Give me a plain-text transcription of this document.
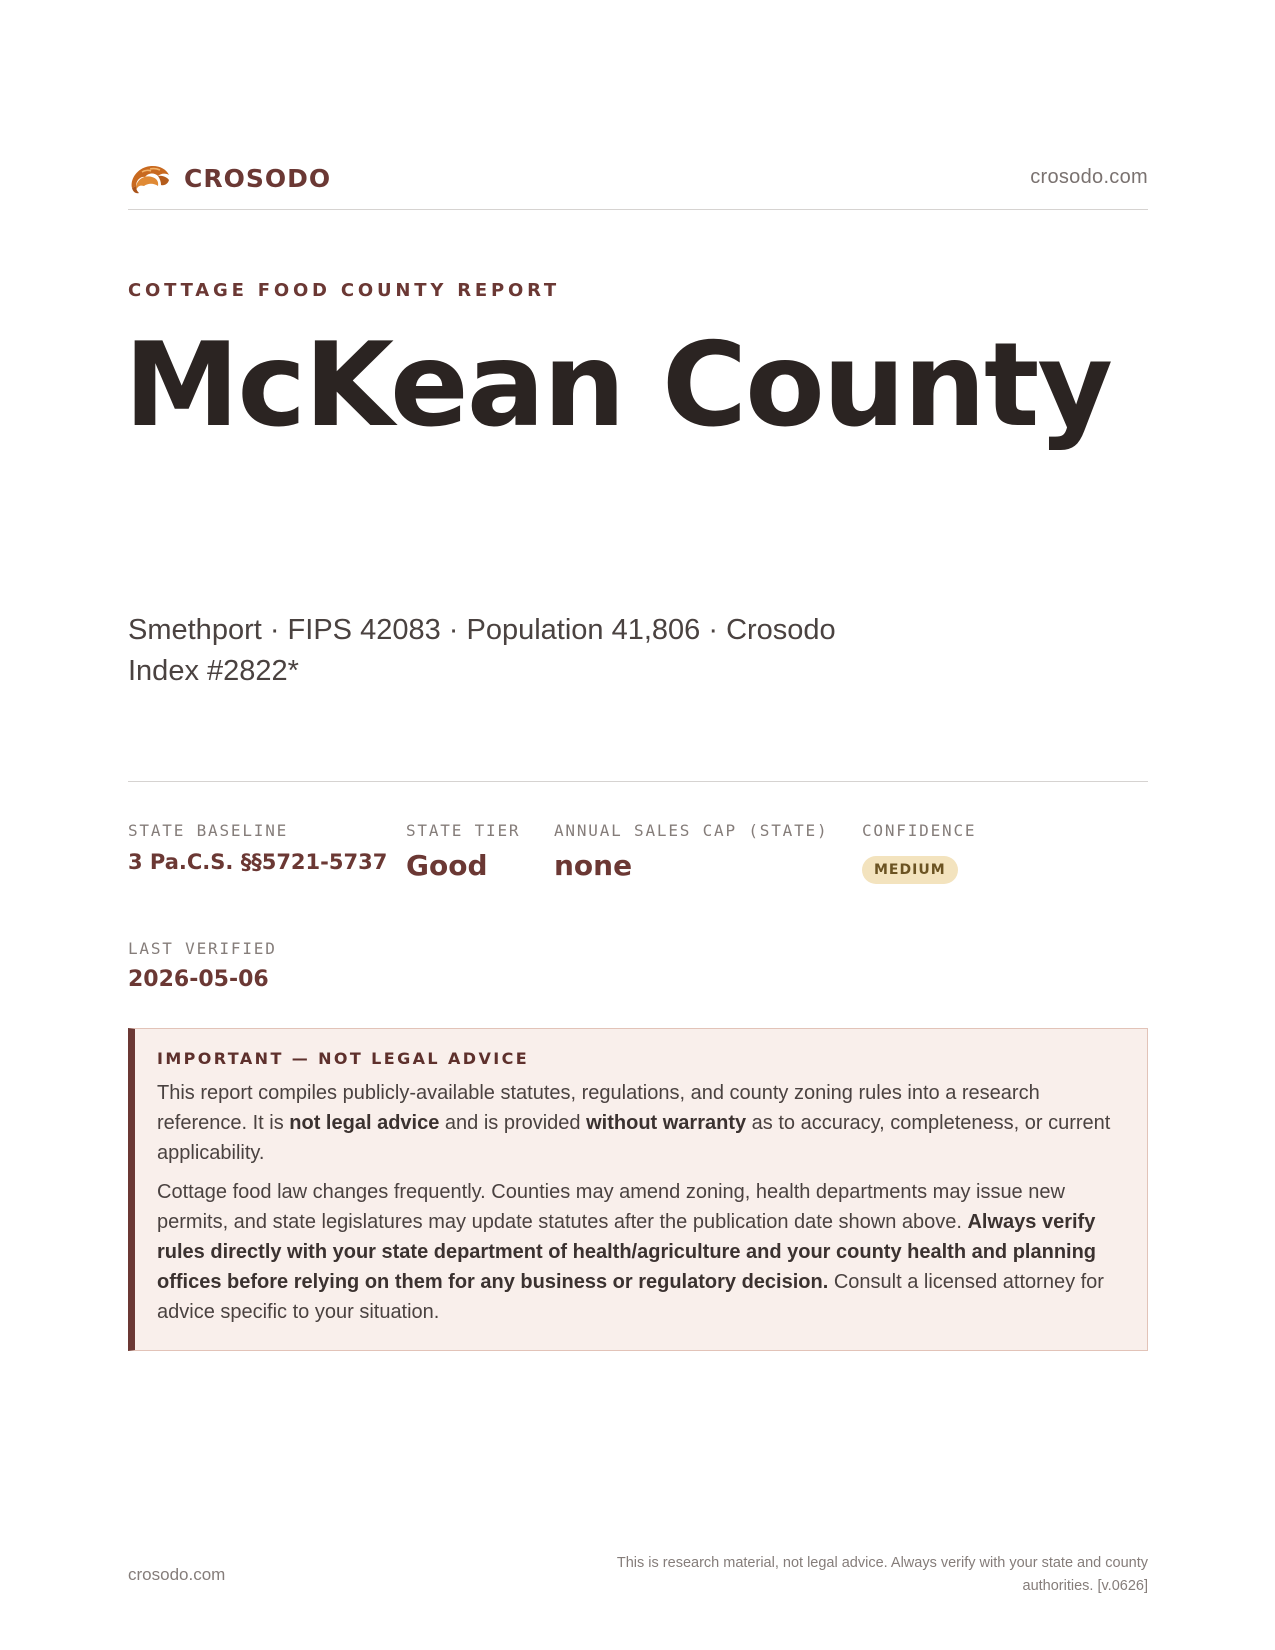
CROSODO	crosodo.com
COTTAGE FOOD COUNTY REPORT
McKean County
Smethport · FIPS 42083 · Population 41,806 · Crosodo Index #2822*
STATE BASELINE
3 Pa.C.S. §§5721-5737
STATE TIER
Good
ANNUAL SALES CAP (STATE)
none
CONFIDENCE
MEDIUM
LAST VERIFIED
2026-05-06
IMPORTANT — NOT LEGAL ADVICE

This report compiles publicly-available statutes, regulations, and county zoning rules into a research reference. It is not legal advice and is provided without warranty as to accuracy, completeness, or current applicability.

Cottage food law changes frequently. Counties may amend zoning, health departments may issue new permits, and state legislatures may update statutes after the publication date shown above. Always verify rules directly with your state department of health/agriculture and your county health and planning offices before relying on them for any business or regulatory decision. Consult a licensed attorney for advice specific to your situation.

crosodo.com
This is research material, not legal advice. Always verify with your state and county authorities. [v.0626]
